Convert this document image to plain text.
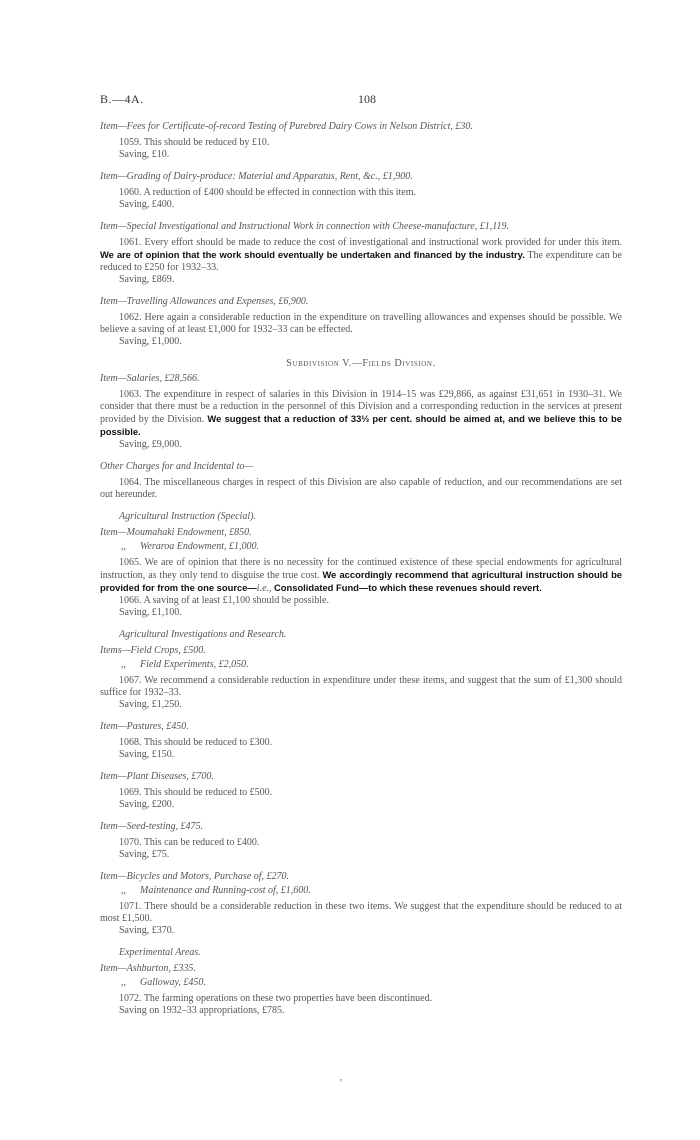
B.—4A.	108
Item—Fees for Certificate-of-record Testing of Purebred Dairy Cows in Nelson District, £30.

1059. This should be reduced by £10.

Saving, £10.

Item—Grading of Dairy-produce: Material and Apparatus, Rent, &c., £1,900.

1060. A reduction of £400 should be effected in connection with this item.

Saving, £400.

Item—Special Investigational and Instructional Work in connection with Cheese-manufacture, £1,119.

1061. Every effort should be made to reduce the cost of investigational and instructional work provided for under this item. We are of opinion that the work should eventually be undertaken and financed by the industry. The expenditure can be reduced to £250 for 1932–33.

Saving, £869.

Item—Travelling Allowances and Expenses, £6,900.

1062. Here again a considerable reduction in the expenditure on travelling allowances and expenses should be possible. We believe a saving of at least £1,000 for 1932–33 can be effected.

Saving, £1,000.

Subdivision V.—Fields Division.
Item—Salaries, £28,566.

1063. The expenditure in respect of salaries in this Division in 1914–15 was £29,866, as against £31,651 in 1930–31. We consider that there must be a reduction in the personnel of this Division and a corresponding reduction in the services at present provided by the Division. We suggest that a reduction of 33⅓ per cent. should be aimed at, and we believe this to be possible.

Saving, £9,000.

Other Charges for and Incidental to—

1064. The miscellaneous charges in respect of this Division are also capable of reduction, and our recommendations are set out hereunder.

Agricultural Instruction (Special).
Item—Moumahaki Endowment, £850.
,, Weraroa Endowment, £1,000.

1065. We are of opinion that there is no necessity for the continued existence of these special endowments for agricultural instruction, as they only tend to disguise the true cost. We accordingly recommend that agricultural instruction should be provided for from the one source—i.e., Consolidated Fund—to which these revenues should revert.

1066. A saving of at least £1,100 should be possible.

Saving, £1,100.

Agricultural Investigations and Research.
Items—Field Crops, £500.
,, Field Experiments, £2,050.

1067. We recommend a considerable reduction in expenditure under these items, and suggest that the sum of £1,300 should suffice for 1932–33.

Saving, £1,250.

Item—Pastures, £450.

1068. This should be reduced to £300.

Saving, £150.

Item—Plant Diseases, £700.

1069. This should be reduced to £500.

Saving, £200.

Item—Seed-testing, £475.

1070. This can be reduced to £400.

Saving, £75.

Item—Bicycles and Motors, Purchase of, £270.
,, Maintenance and Running-cost of, £1,600.

1071. There should be a considerable reduction in these two items. We suggest that the expenditure should be reduced to at most £1,500.

Saving, £370.

Experimental Areas.
Item—Ashburton, £335.
,, Galloway, £450.

1072. The farming operations on these two properties have been discontinued.

Saving on 1932–33 appropriations, £785.

'
